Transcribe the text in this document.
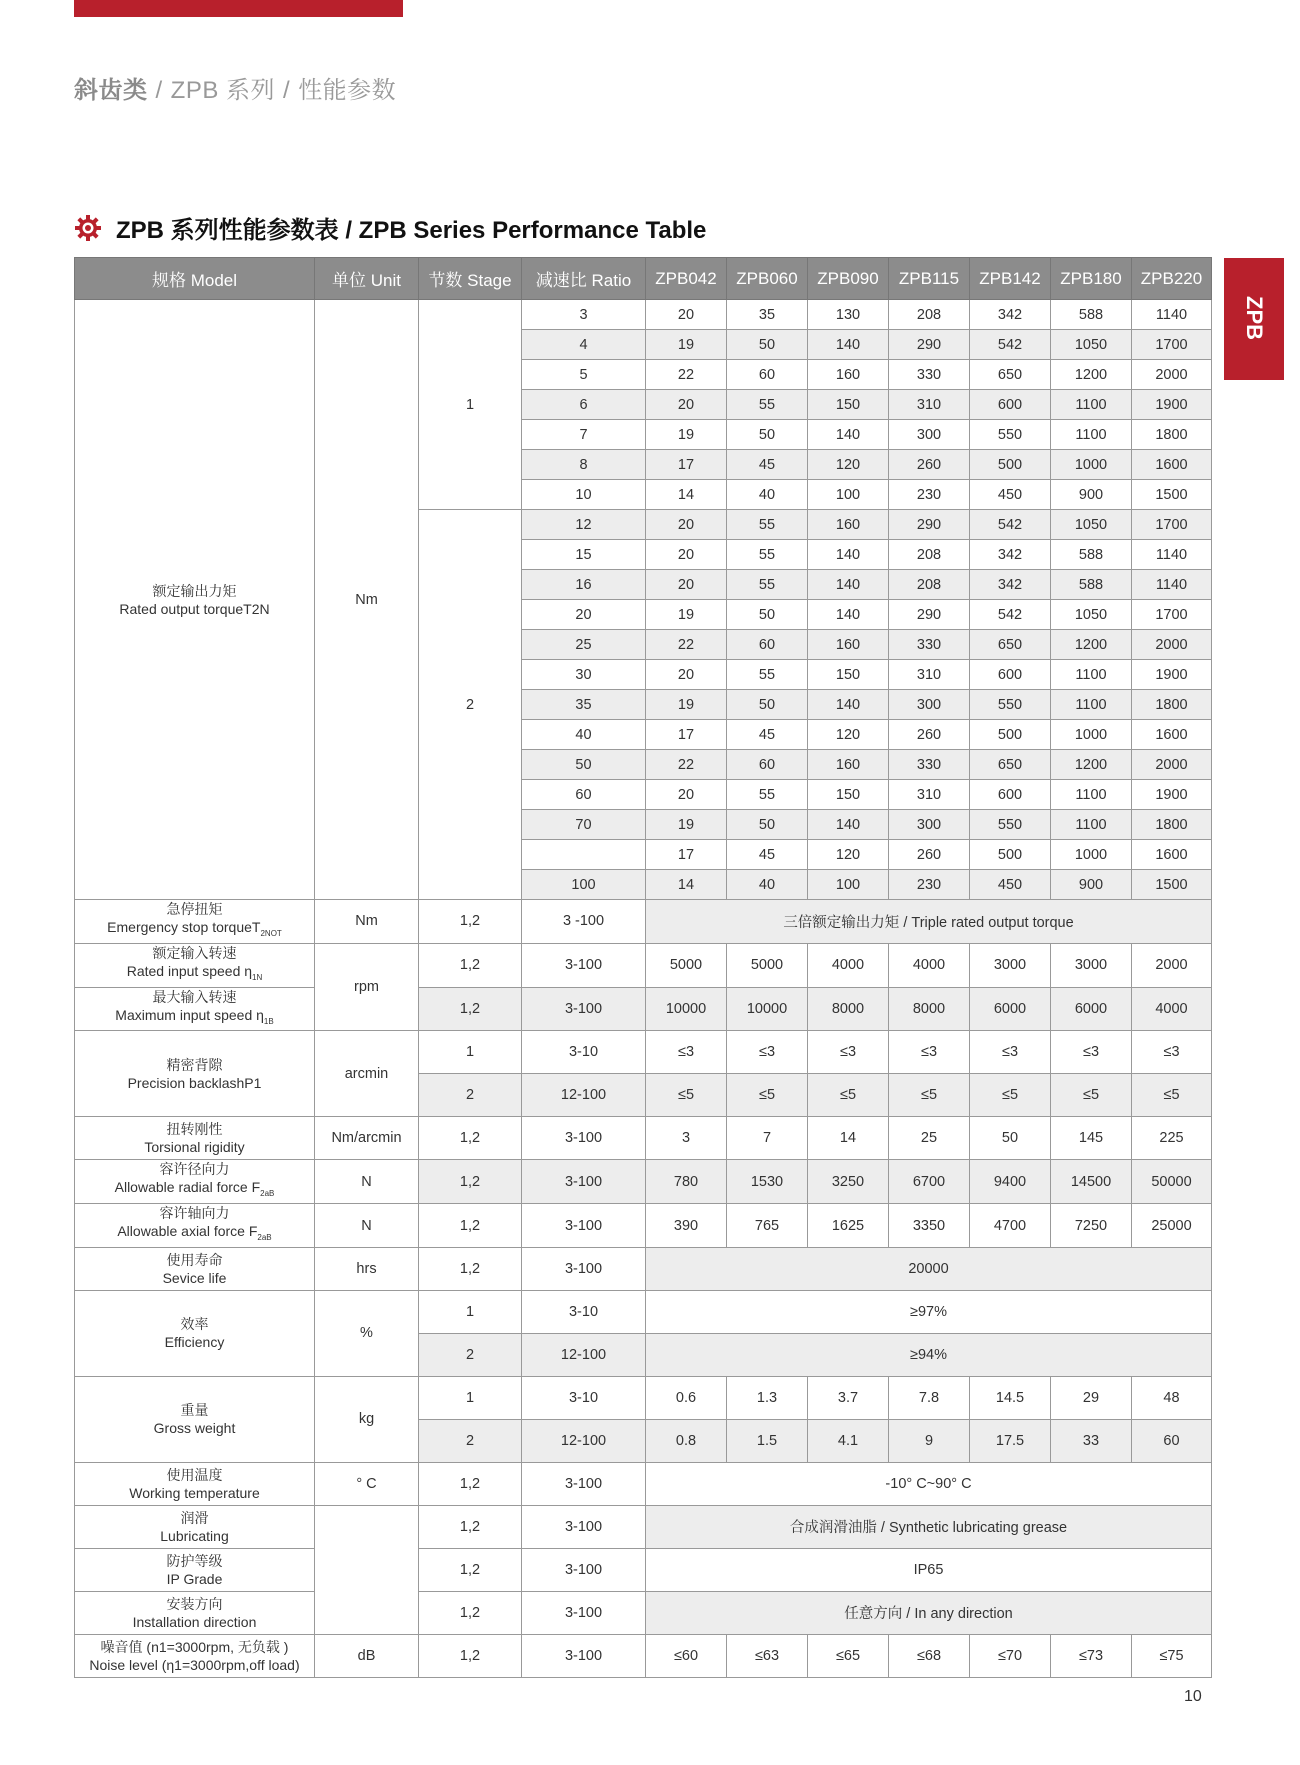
斜齿类 / ZPB 系列 / 性能参数
ZPB 系列性能参数表 / ZPB Series Performance Table
ZPB
规格 Model	单位 Unit	节数 Stage	减速比 Ratio	ZPB042	ZPB060	ZPB090	ZPB115	ZPB142	ZPB180	ZPB220

额定输出力矩
Rated output torqueT2N	Nm	1	3	20	35	130	208	342	588	1140
			4	19	50	140	290	542	1050	1700
			5	22	60	160	330	650	1200	2000
			6	20	55	150	310	600	1100	1900
			7	19	50	140	300	550	1100	1800
			8	17	45	120	260	500	1000	1600
			10	14	40	100	230	450	900	1500
		2	12	20	55	160	290	542	1050	1700
			15	20	55	140	208	342	588	1140
			16	20	55	140	208	342	588	1140
			20	19	50	140	290	542	1050	1700
			25	22	60	160	330	650	1200	2000
			30	20	55	150	310	600	1100	1900
			35	19	50	140	300	550	1100	1800
			40	17	45	120	260	500	1000	1600
			50	22	60	160	330	650	1200	2000
			60	20	55	150	310	600	1100	1900
			70	19	50	140	300	550	1100	1800
				17	45	120	260	500	1000	1600
			100	14	40	100	230	450	900	1500

急停扭矩
Emergency stop torqueT$_{2NOT}$	Nm	1,2	3 -100	三倍额定输出力矩 / Triple rated output torque						

额定输入转速
Rated input speed $\eta_{1N}$	rpm	1,2	3-100	5000	5000	4000	4000	3000	3000	2000

最大输入转速
Maximum input speed $\eta_{1B}$		1,2	3-100	10000	10000	8000	8000	6000	6000	4000

精密背隙
Precision backlashP1	arcmin	1	3-10	≤3	≤3	≤3	≤3	≤3	≤3	≤3
		2	12-100	≤5	≤5	≤5	≤5	≤5	≤5	≤5

扭转刚性
Torsional rigidity	Nm/arcmin	1,2	3-100	3	7	14	25	50	145	225

容许径向力
Allowable radial force $F_{2aB}$	N	1,2	3-100	780	1530	3250	6700	9400	14500	50000

容许轴向力
Allowable axial force $F_{2aB}$	N	1,2	3-100	390	765	1625	3350	4700	7250	25000

使用寿命
Sevice life	hrs	1,2	3-100	20000						

效率
Efficiency	%	1	3-10	≥97%						
		2	12-100	≥94%						

重量
Gross weight	kg	1	3-10	0.6	1.3	3.7	7.8	14.5	29	48
		2	12-100	0.8	1.5	4.1	9	17.5	33	60

使用温度
Working temperature	° C	1,2	3-100	-10° C~90° C						

润滑
Lubricating		1,2	3-100	合成润滑油脂 / Synthetic lubricating grease						

防护等级
IP Grade		1,2	3-100	IP65						

安装方向
Installation direction		1,2	3-100	任意方向 / In any direction						

噪音值 (n1=3000rpm, 无负载 )
Noise level (η1=3000rpm,off load)	dB	1,2	3-100	≤60	≤63	≤65	≤68	≤70	≤73	≤75
10
